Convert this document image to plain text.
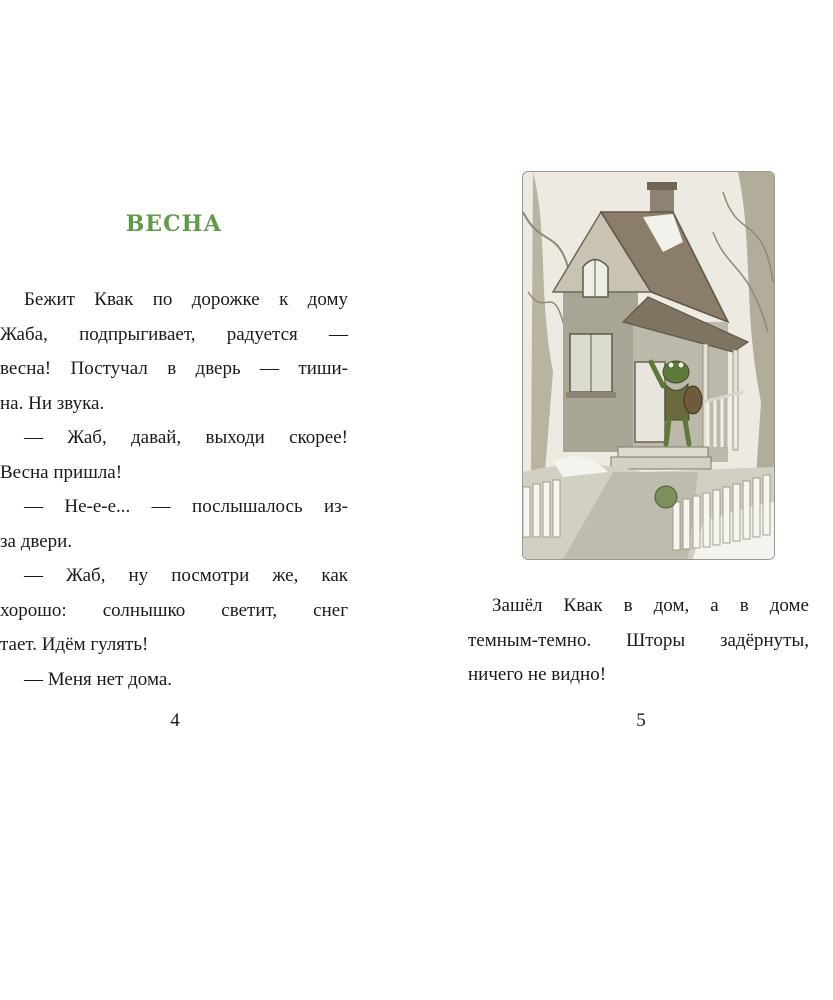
ВЕСНА
Бежит Квак по дорожке к дому
Жаба, подпрыгивает, радуется —
весна! Постучал в дверь — тиши-
на. Ни звука.
— Жаб, давай, выходи скорее!
Весна пришла!
— Не-е-е... — послышалось из-
за двери.
— Жаб, ну посмотри же, как
хорошо: солнышко светит, снег
тает. Идём гулять!
— Меня нет дома.

4

Зашёл Квак в дом, а в доме
темным-темно. Шторы задёрнуты,
ничего не видно!

5
